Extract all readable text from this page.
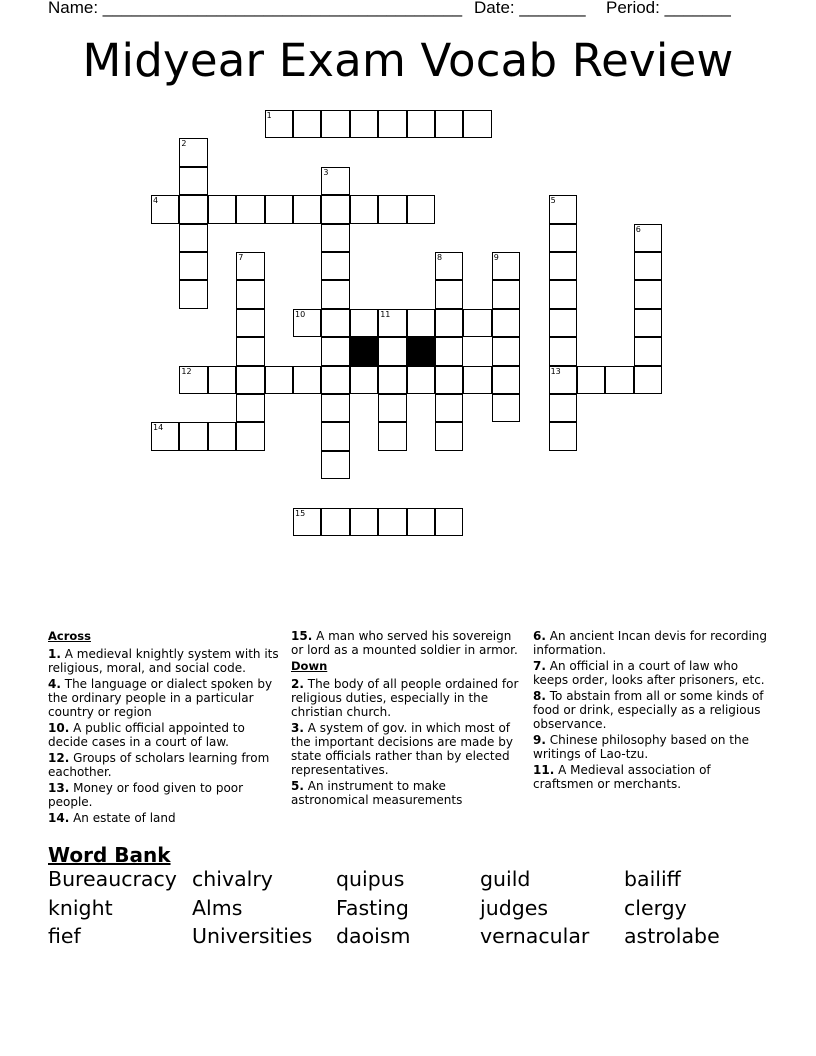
Name: ______________________________________ Date: _______ Period: _______
Midyear Exam Vocab Review
1
2
3
4	5
13
6
7	8	9
10	11
12
14
15
Across
1. A medieval knightly system with its religious, moral, and social code.
4. The language or dialect spoken by the ordinary people in a particular country or region
10. A public official appointed to decide cases in a court of law.
12. Groups of scholars learning from eachother.
13. Money or food given to poor people.
14. An estate of land
15. A man who served his sovereign or lord as a mounted soldier in armor.
Down
2. The body of all people ordained for religious duties, especially in the christian church.
3. A system of gov. in which most of the important decisions are made by state officials rather than by elected representatives.
5. An instrument to make astronomical measurements
6. An ancient Incan devis for recording information.
7. An official in a court of law who keeps order, looks after prisoners, etc.
8. To abstain from all or some kinds of food or drink, especially as a religious observance.
9. Chinese philosophy based on the writings of Lao-tzu.
11. A Medieval association of craftsmen or merchants.
Word Bank
Bureaucracy chivalry	quipus	guild	bailiff
knight	Alms	Fasting	judges	clergy
fief	Universities daoism	vernacular astrolabe
